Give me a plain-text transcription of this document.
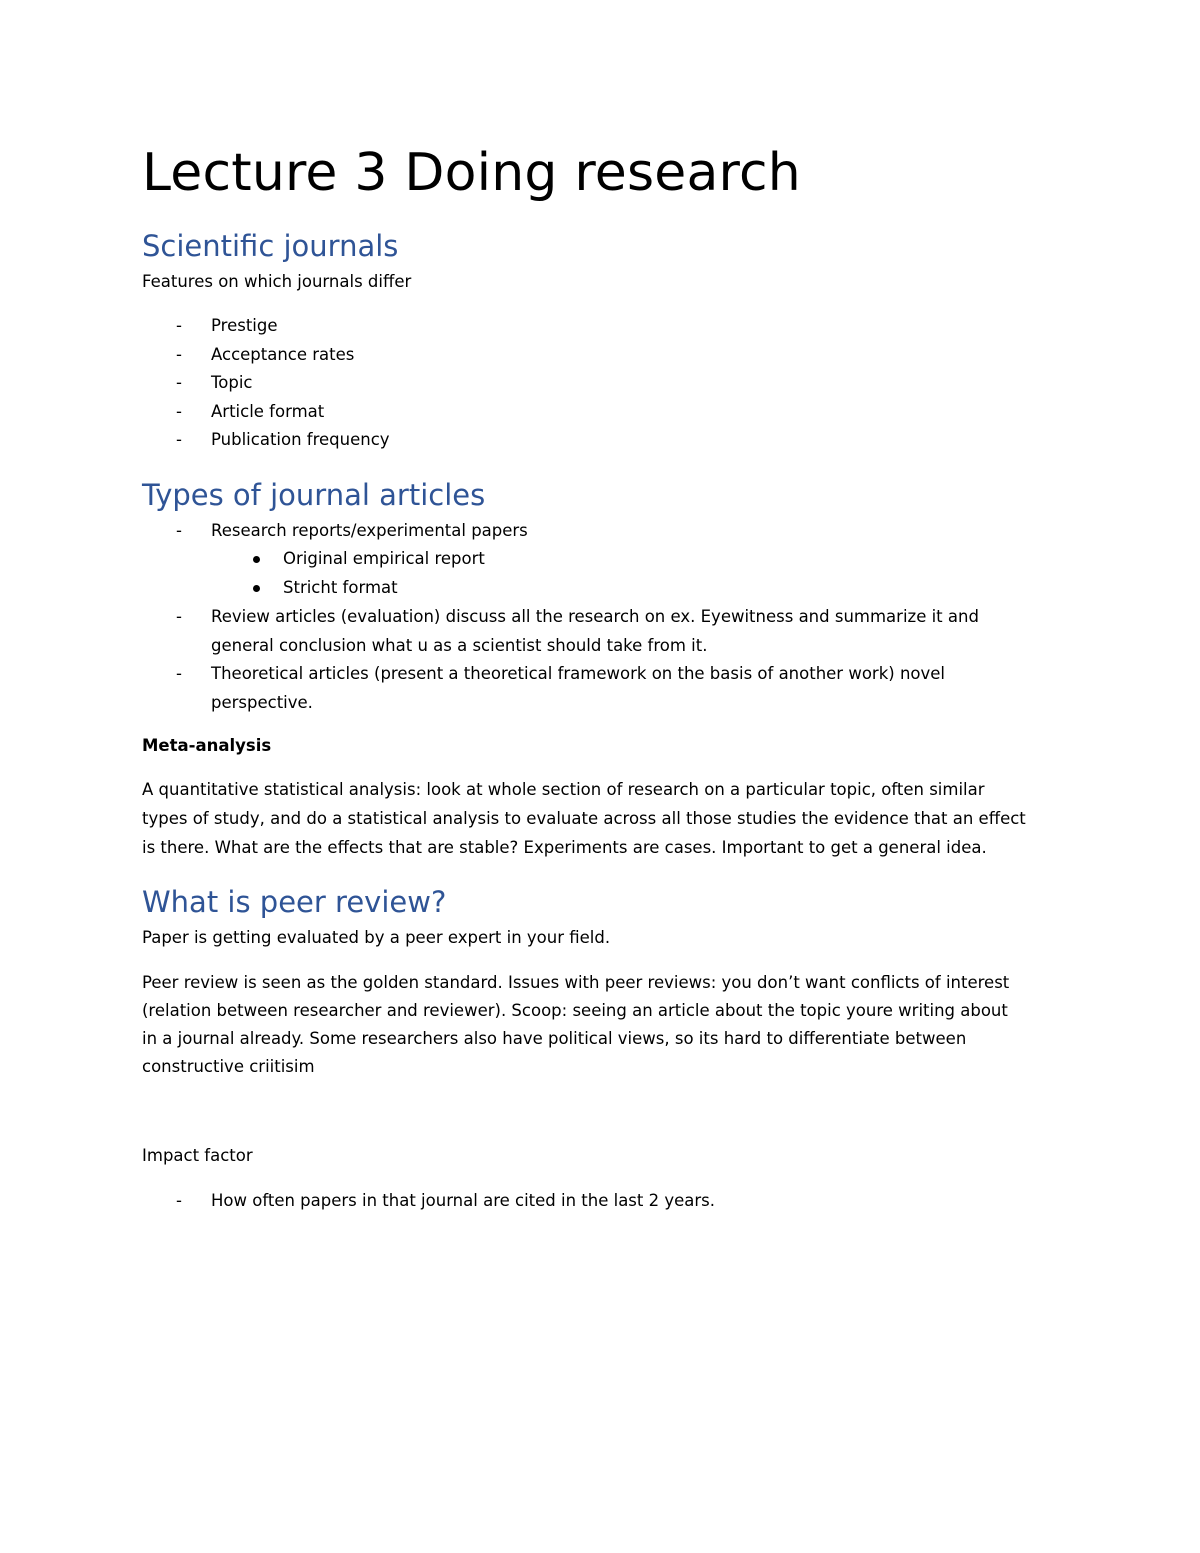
Lecture 3 Doing research
Scientific journals

Features on which journals differ

- Prestige
- Acceptance rates
- Topic
- Article format
- Publication frequency
Types of journal articles
- Research reports/experimental papers
Original empirical report
Stricht format
- Review articles (evaluation) discuss all the research on ex. Eyewitness and summarize it and
general conclusion what u as a scientist should take from it.
- Theoretical articles (present a theoretical framework on the basis of another work) novel
perspective.

Meta-analysis

A quantitative statistical analysis: look at whole section of research on a particular topic, often similar

types of study, and do a statistical analysis to evaluate across all those studies the evidence that an effect

is there. What are the effects that are stable? Experiments are cases. Important to get a general idea.

What is peer review?

Paper is getting evaluated by a peer expert in your field.

Peer review is seen as the golden standard. Issues with peer reviews: you don’t want conflicts of interest

(relation between researcher and reviewer). Scoop: seeing an article about the topic youre writing about

in a journal already. Some researchers also have political views, so its hard to differentiate between

constructive criitisim

Impact factor

- How often papers in that journal are cited in the last 2 years.
